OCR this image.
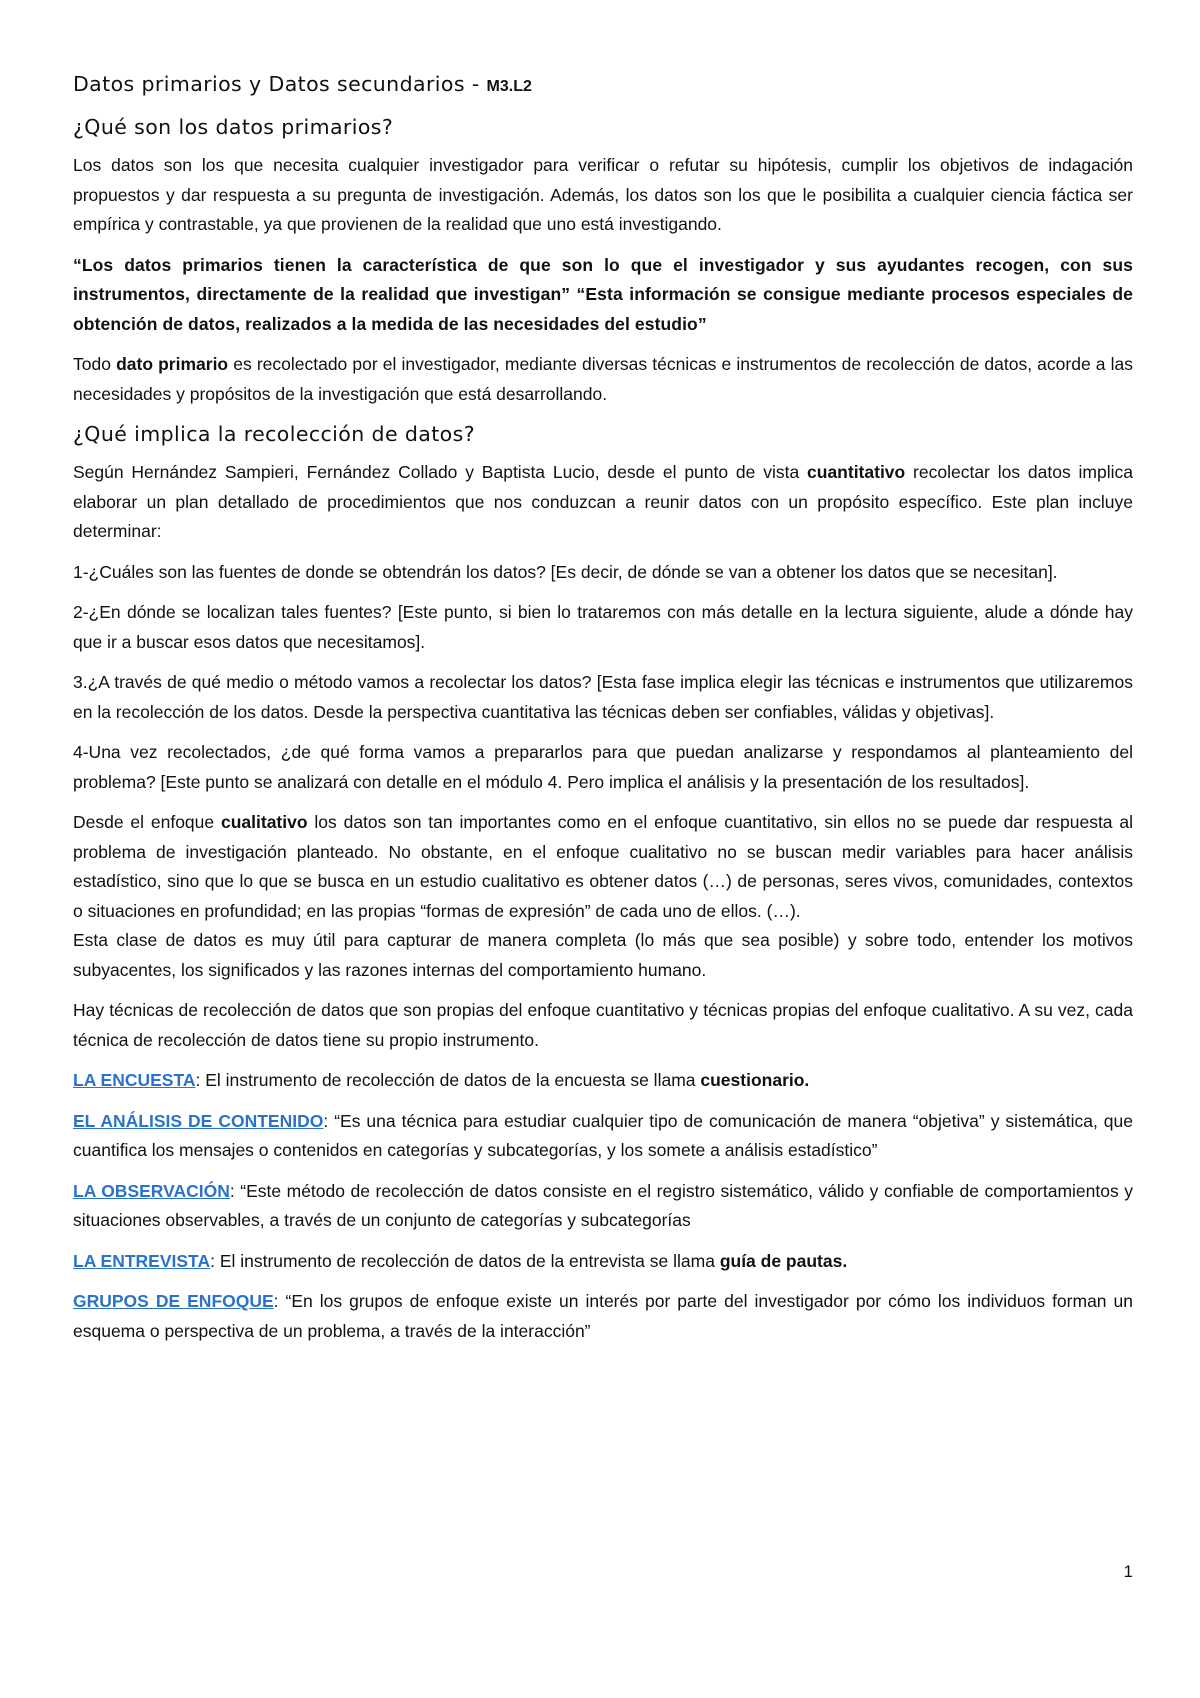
Datos primarios y Datos secundarios - M3.L2
¿Qué son los datos primarios?

Los datos son los que necesita cualquier investigador para verificar o refutar su hipótesis, cumplir los objetivos de indagación propuestos y dar respuesta a su pregunta de investigación. Además, los datos son los que le posibilita a cualquier ciencia fáctica ser empírica y contrastable, ya que provienen de la realidad que uno está investigando.

“Los datos primarios tienen la característica de que son lo que el investigador y sus ayudantes recogen, con sus instrumentos, directamente de la realidad que investigan” “Esta información se consigue mediante procesos especiales de obtención de datos, realizados a la medida de las necesidades del estudio”

Todo dato primario es recolectado por el investigador, mediante diversas técnicas e instrumentos de recolección de datos, acorde a las necesidades y propósitos de la investigación que está desarrollando.

¿Qué implica la recolección de datos?

Según Hernández Sampieri, Fernández Collado y Baptista Lucio, desde el punto de vista cuantitativo recolectar los datos implica elaborar un plan detallado de procedimientos que nos conduzcan a reunir datos con un propósito específico. Este plan incluye determinar:

1-¿Cuáles son las fuentes de donde se obtendrán los datos? [Es decir, de dónde se van a obtener los datos que se necesitan].

2-¿En dónde se localizan tales fuentes? [Este punto, si bien lo trataremos con más detalle en la lectura siguiente, alude a dónde hay que ir a buscar esos datos que necesitamos].

3.¿A través de qué medio o método vamos a recolectar los datos? [Esta fase implica elegir las técnicas e instrumentos que utilizaremos en la recolección de los datos. Desde la perspectiva cuantitativa las técnicas deben ser confiables, válidas y objetivas].

4-Una vez recolectados, ¿de qué forma vamos a prepararlos para que puedan analizarse y respondamos al planteamiento del problema? [Este punto se analizará con detalle en el módulo 4. Pero implica el análisis y la presentación de los resultados].

Desde el enfoque cualitativo los datos son tan importantes como en el enfoque cuantitativo, sin ellos no se puede dar respuesta al problema de investigación planteado. No obstante, en el enfoque cualitativo no se buscan medir variables para hacer análisis estadístico, sino que lo que se busca en un estudio cualitativo es obtener datos (…) de personas, seres vivos, comunidades, contextos o situaciones en profundidad; en las propias “formas de expresión” de cada uno de ellos. (…).

Esta clase de datos es muy útil para capturar de manera completa (lo más que sea posible) y sobre todo, entender los motivos subyacentes, los significados y las razones internas del comportamiento humano.

Hay técnicas de recolección de datos que son propias del enfoque cuantitativo y técnicas propias del enfoque cualitativo. A su vez, cada técnica de recolección de datos tiene su propio instrumento.

LA ENCUESTA: El instrumento de recolección de datos de la encuesta se llama cuestionario.

EL ANÁLISIS DE CONTENIDO: “Es una técnica para estudiar cualquier tipo de comunicación de manera “objetiva” y sistemática, que cuantifica los mensajes o contenidos en categorías y subcategorías, y los somete a análisis estadístico”

LA OBSERVACIÓN: “Este método de recolección de datos consiste en el registro sistemático, válido y confiable de comportamientos y situaciones observables, a través de un conjunto de categorías y subcategorías

LA ENTREVISTA: El instrumento de recolección de datos de la entrevista se llama guía de pautas.

GRUPOS DE ENFOQUE: “En los grupos de enfoque existe un interés por parte del investigador por cómo los individuos forman un esquema o perspectiva de un problema, a través de la interacción”

1
